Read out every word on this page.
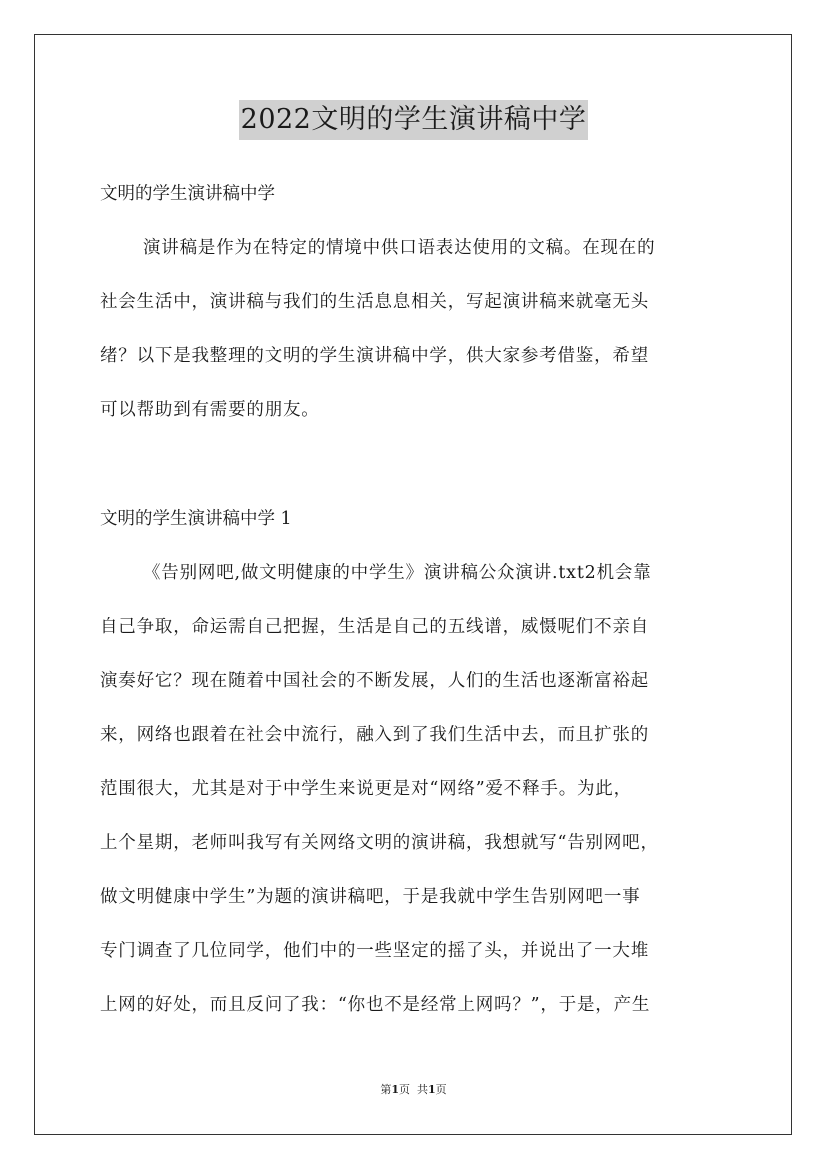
2022文明的学生演讲稿中学
文明的学生演讲稿中学
演讲稿是作为在特定的情境中供口语表达使用的文稿。在现在的
社会生活中，演讲稿与我们的生活息息相关，写起演讲稿来就毫无头
绪？以下是我整理的文明的学生演讲稿中学，供大家参考借鉴，希望
可以帮助到有需要的朋友。
文明的学生演讲稿中学 1
《告别网吧,做文明健康的中学生》演讲稿公众演讲.txt2机会靠
自己争取，命运需自己把握，生活是自己的五线谱，威慑呢们不亲自
演奏好它？现在随着中国社会的不断发展，人们的生活也逐渐富裕起
来，网络也跟着在社会中流行，融入到了我们生活中去，而且扩张的
范围很大，尤其是对于中学生来说更是对“网络”爱不释手。为此，
上个星期，老师叫我写有关网络文明的演讲稿，我想就写“告别网吧，
做文明健康中学生”为题的演讲稿吧，于是我就中学生告别网吧一事
专门调查了几位同学，他们中的一些坚定的摇了头，并说出了一大堆
上网的好处，而且反问了我：“你也不是经常上网吗？”，于是，产生
第1页  共1页
